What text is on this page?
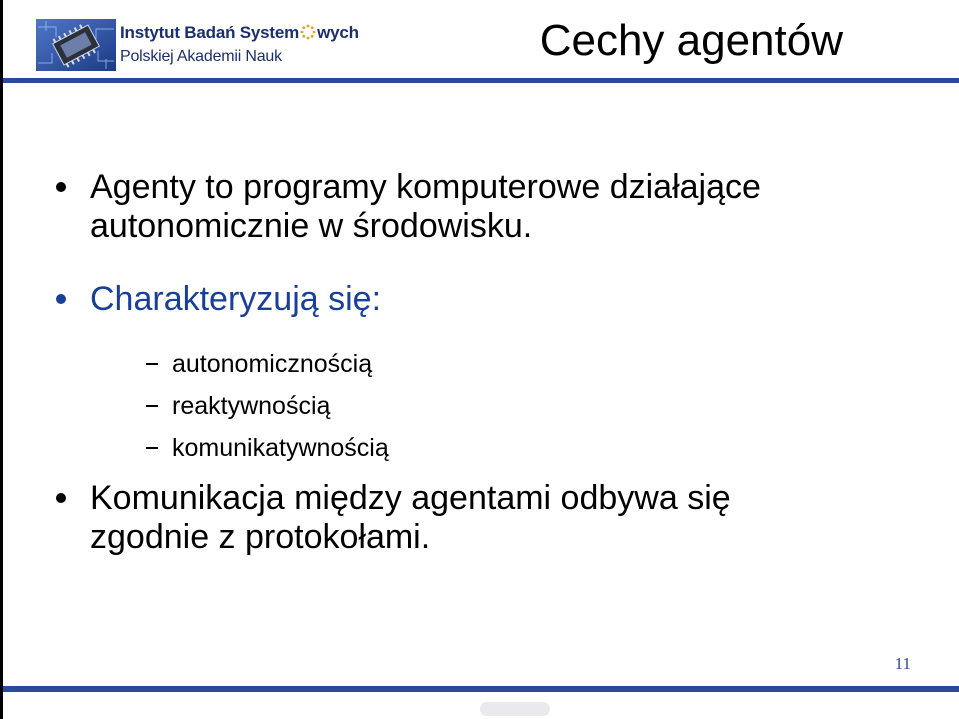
Instytut Badań System wych
Polskiej Akademii Nauk	Cechy agentów
Agenty to programy komputerowe działające
autonomicznie w środowisku.
Charakteryzują się:
autonomicznością
reaktywnością
komunikatywnością
Komunikacja między agentami odbywa się
zgodnie z protokołami.
11
